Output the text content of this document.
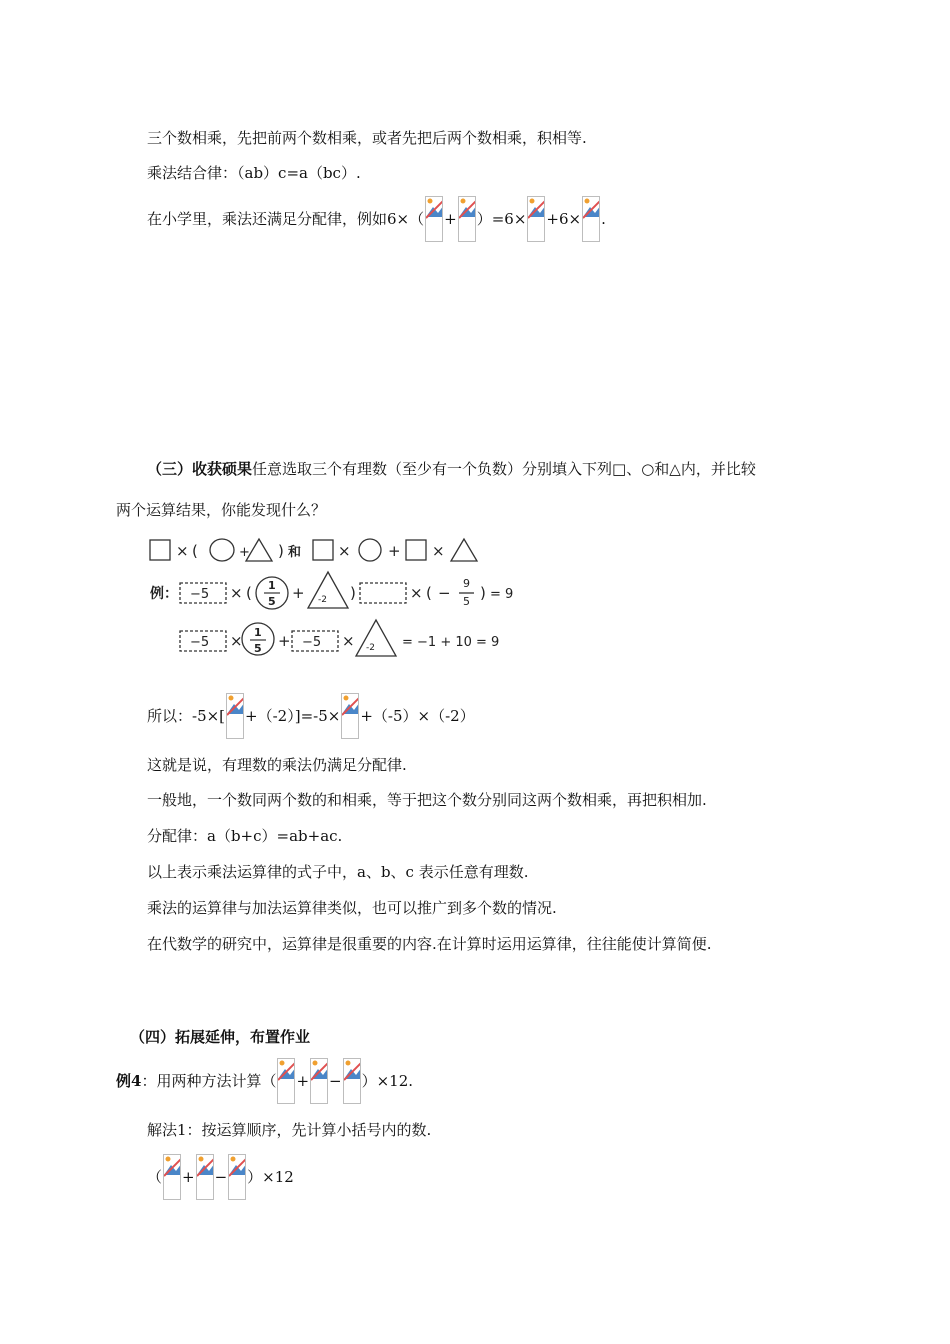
三个数相乘，先把前两个数相乘，或者先把后两个数相乘，积相等.
乘法结合律：（ab）c=a（bc）.
在小学里，乘法还满足分配律，例如6×（ + ）=6× +6× .
（三）收获硕果 任意选取三个有理数（至少有一个负数）分别填入下列□、○和△内，并比较
两个运算结果，你能发现什么？
× (	+ ) 和 × + ×
例： −5 × ( 1
5 + -2 )	× ( −
9
5 ) = 9
−5 × 1
5 + −5 × -2 = −1 + 10 = 9
所以：-5×[ +（-2）]=-5× +（-5）×（-2）
这就是说，有理数的乘法仍满足分配律.
一般地，一个数同两个数的和相乘，等于把这个数分别同这两个数相乘，再把积相加.
分配律：a（b+c）=ab+ac.
以上表示乘法运算律的式子中，a、b、c 表示任意有理数.
乘法的运算律与加法运算律类似，也可以推广到多个数的情况.
在代数学的研究中，运算律是很重要的内容.在计算时运用运算律，往往能使计算简便.
（四）拓展延伸，布置作业
例4 ：用两种方法计算（ + − ）×12.
解法1：按运算顺序，先计算小括号内的数.
（ + − ）×12
